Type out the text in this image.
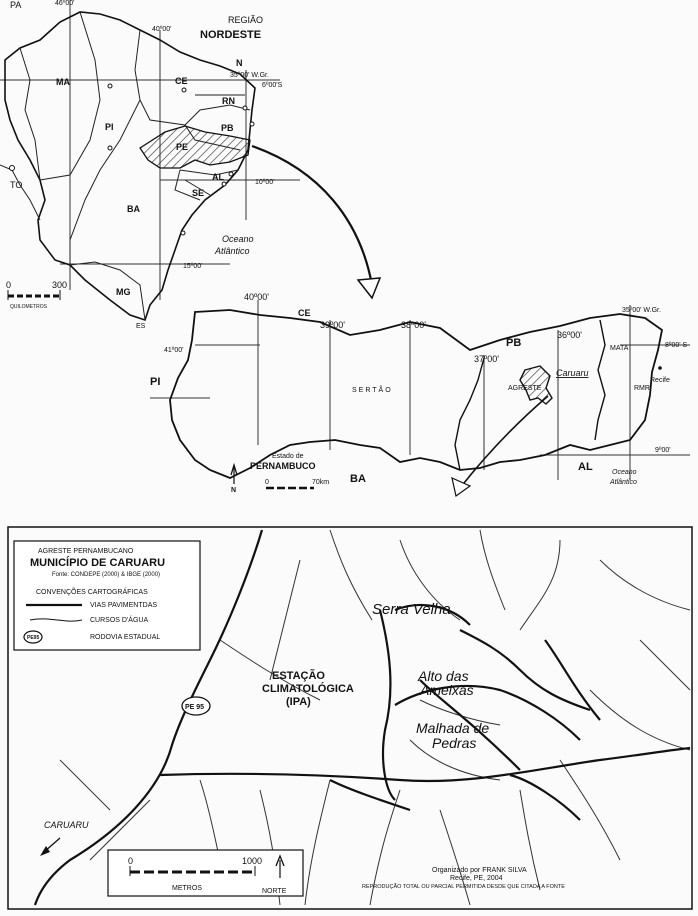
PA
MA	CE
RN
PB
PI
PE
AL
SE
BA
TO
MG
ES
46º00'
40º00'
REGIÃO
NORDESTE
N
35º00' W.Gr.
6º00'S
10º00'
15º00'
Oceano
Atlântico
0	300
QUILOMETROS
40º00'
39º00'	38º00'
37º00'
36º00'
35º00' W.Gr.
41º00'
8º00' S
9º00'
CE
PB
PI
AL
BA
SERTÃO	AGRESTE
MATA
RMR
Caruaru
Recife
Oceano
Atlântico
Estado de
PERNAMBUCO
N
0	70km
AGRESTE PERNAMBUCANO
MUNICÍPIO DE CARUARU
Fonte: CONDEPE (2000) & IBGE (2000)
CONVENÇÕES CARTOGRÁFICAS
VIAS PAVIMENTDAS
CURSOS D'ÁGUA
PE95	RODOVIA ESTADUAL
ESTAÇÃO
CLIMATOLÓGICA
(IPA)
Serra Velha
Alto das
Ameixas
Malhada de
Pedras
CARUARU
PE 95
0	1000
METROS	NORTE
Organizado por FRANK SILVA
Recife, PE, 2004
REPRODUÇÃO TOTAL OU PARCIAL PERMITIDA DESDE QUE CITADA A FONTE
